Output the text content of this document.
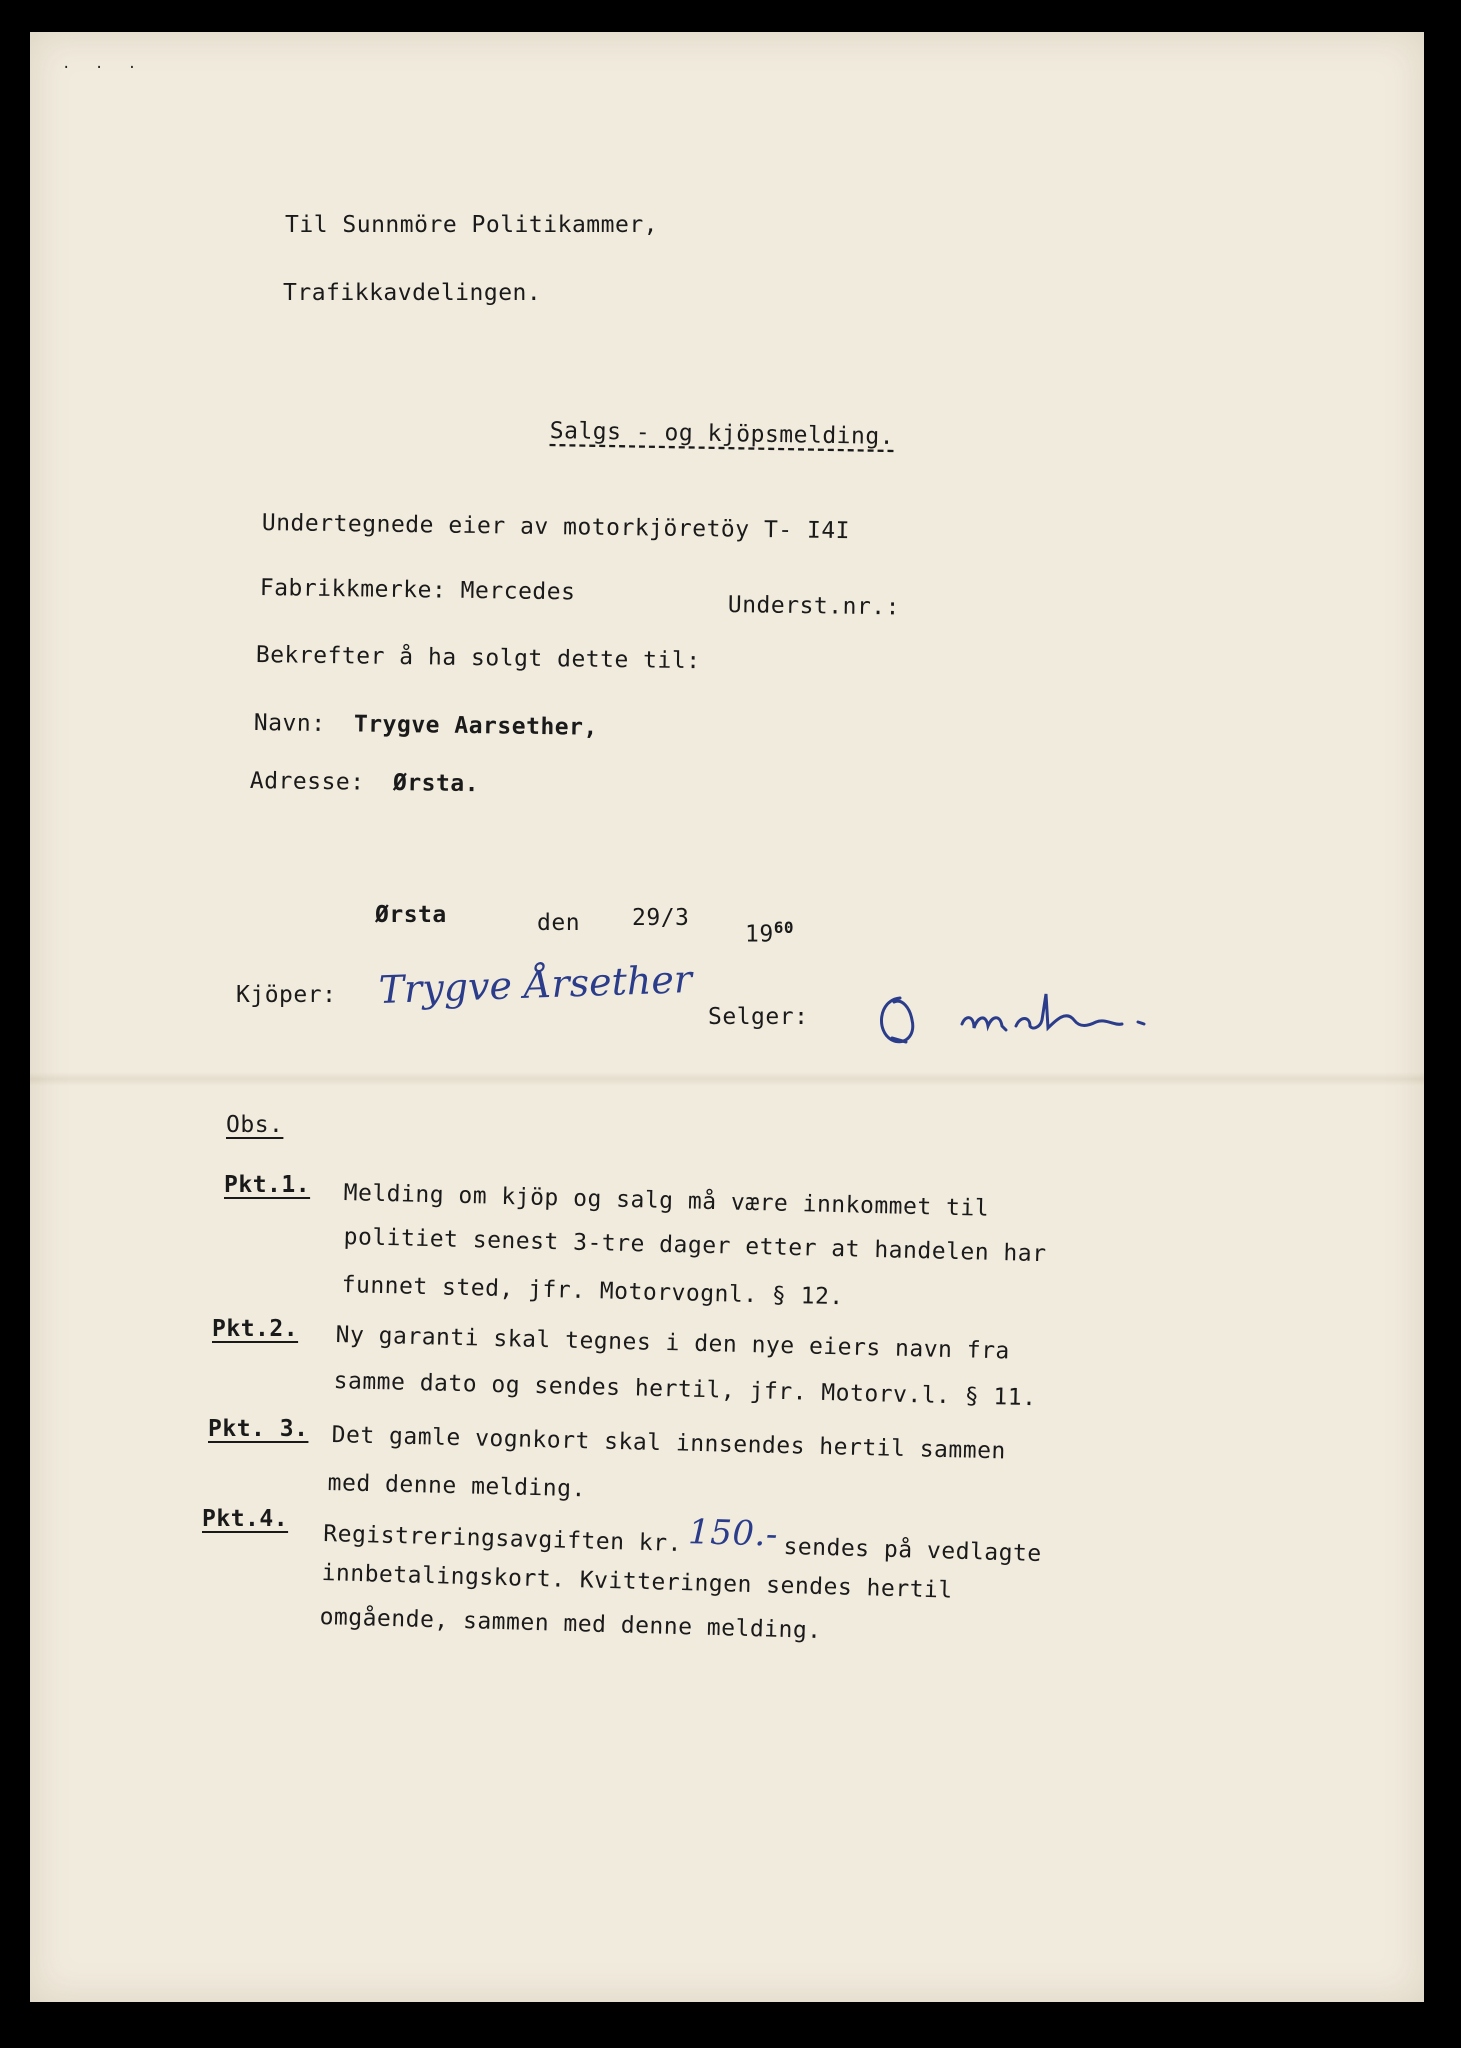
· · ·
Til Sunnmöre Politikammer,
Trafikkavdelingen.
Salgs - og kjöpsmelding.
Undertegnede eier av motorkjöretöy T- I4I
Fabrikkmerke: Mercedes
Underst.nr.:
Bekrefter å ha solgt dette til:
Navn: Trygve Aarsether,
Adresse: Ørsta.
Ørsta	den 29/3
$19^{60}$
Kjöper: Trygve Årsether
Selger:
Obs.
Pkt.1. Melding om kjöp og salg må være innkommet til
politiet senest 3-tre dager etter at handelen har
funnet sted, jfr. Motorvognl. § 12.
Pkt.2. Ny garanti skal tegnes i den nye eiers navn fra
samme dato og sendes hertil, jfr. Motorv.l. § 11.
Pkt. 3. Det gamle vognkort skal innsendes hertil sammen
med denne melding.
Pkt.4.
Registreringsavgiften kr. 150.- sendes på vedlagte
innbetalingskort. Kvitteringen sendes hertil
omgående, sammen med denne melding.
